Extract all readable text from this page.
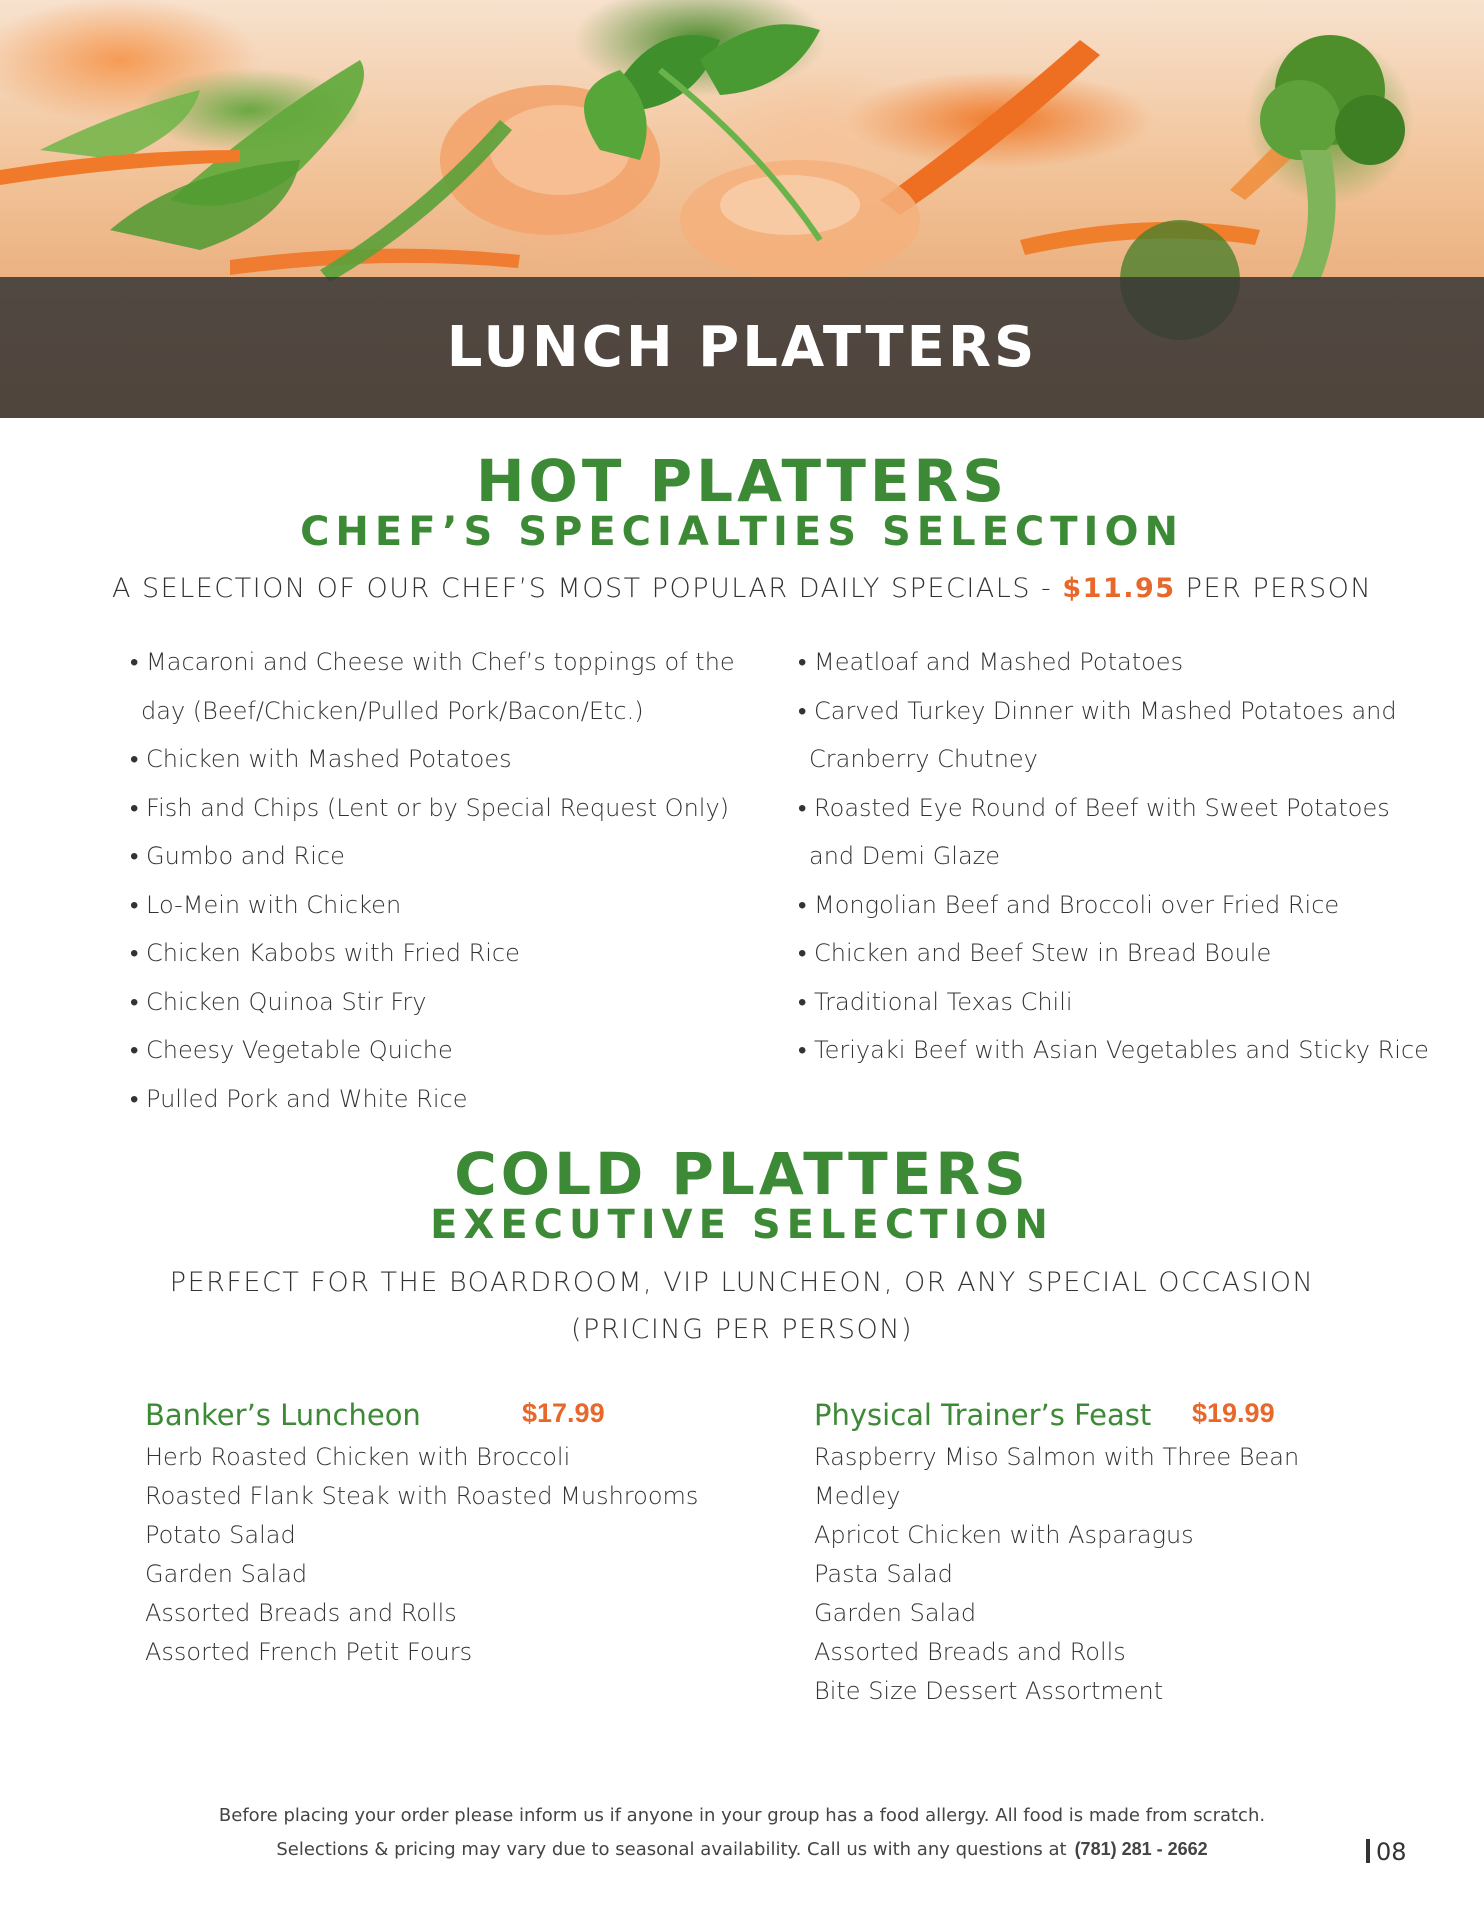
LUNCH PLATTERS
HOT PLATTERS
CHEF’S SPECIALTIES SELECTION
A SELECTION OF OUR CHEF’S MOST POPULAR DAILY SPECIALS - $11.95 PER PERSON
• Macaroni and Cheese with Chef’s toppings of the
day (Beef/Chicken/Pulled Pork/Bacon/Etc.)
• Chicken with Mashed Potatoes
• Fish and Chips (Lent or by Special Request Only)
• Gumbo and Rice
• Lo-Mein with Chicken
• Chicken Kabobs with Fried Rice
• Chicken Quinoa Stir Fry
• Cheesy Vegetable Quiche
• Pulled Pork and White Rice
• Meatloaf and Mashed Potatoes
• Carved Turkey Dinner with Mashed Potatoes and
Cranberry Chutney
• Roasted Eye Round of Beef with Sweet Potatoes
and Demi Glaze
• Mongolian Beef and Broccoli over Fried Rice
• Chicken and Beef Stew in Bread Boule
• Traditional Texas Chili
• Teriyaki Beef with Asian Vegetables and Sticky Rice
COLD PLATTERS
EXECUTIVE SELECTION
PERFECT FOR THE BOARDROOM, VIP LUNCHEON, OR ANY SPECIAL OCCASION
(PRICING PER PERSON)
Banker’s Luncheon	$17.99
Herb Roasted Chicken with Broccoli
Roasted Flank Steak with Roasted Mushrooms
Potato Salad
Garden Salad
Assorted Breads and Rolls
Assorted French Petit Fours
Physical Trainer’s Feast $19.99
Raspberry Miso Salmon with Three Bean
Medley
Apricot Chicken with Asparagus
Pasta Salad
Garden Salad
Assorted Breads and Rolls
Bite Size Dessert Assortment
Before placing your order please inform us if anyone in your group has a food allergy. All food is made from scratch.
Selections & pricing may vary due to seasonal availability. Call us with any questions at (781) 281 - 2662	08
